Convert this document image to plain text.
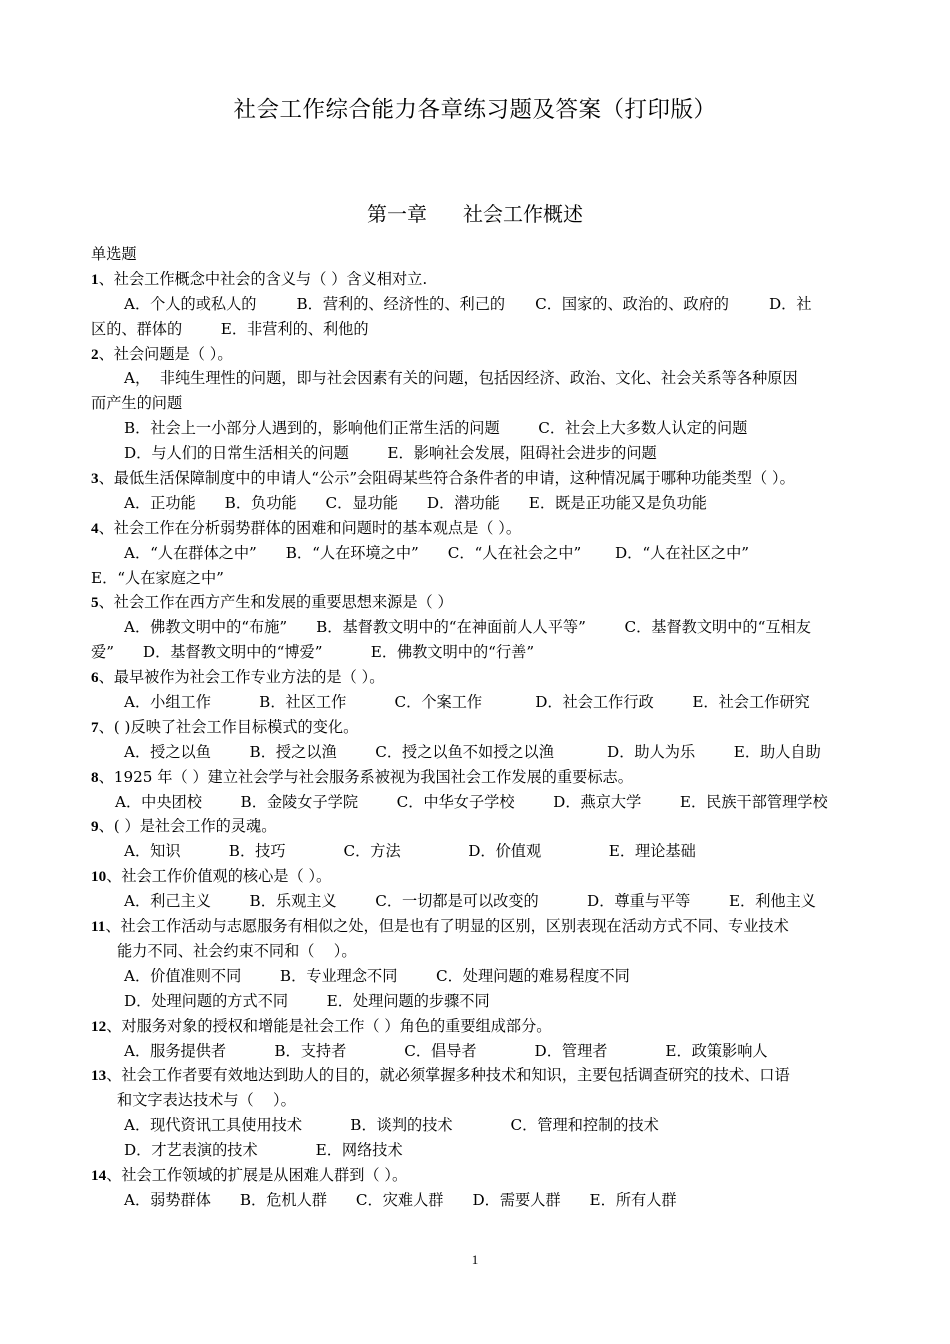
社会工作综合能力各章练习题及答案（打印版）
第一章 社会工作概述
单选题
1、社会工作概念中社会的含义与（ ）含义相对立.
A．个人的或私人的	B．营利的、经济性的、利己的 C．国家的、政治的、政府的	D．社
区的、群体的        E．非营利的、利他的
2、社会问题是（ ）。
A，  非纯生理性的问题，即与社会因素有关的问题，包括因经济、政治、文化、社会关系等各种原因
而产生的问题
B．社会上一小部分人遇到的，影响他们正常生活的问题        C．社会上大多数人认定的问题
D．与人们的日常生活相关的问题        E．影响社会发展，阻碍社会进步的问题
3、最低生活保障制度中的申请人“公示”会阻碍某些符合条件者的申请，这种情况属于哪种功能类型（ ）。
A．正功能      B．负功能      C．显功能      D．潜功能      E．既是正功能又是负功能
4、社会工作在分析弱势群体的困难和问题时的基本观点是（ ）。
A．“人在群体之中”      B．“人在环境之中”      C．“人在社会之中”       D．“人在社区之中”
E．“人在家庭之中”
5、社会工作在西方产生和发展的重要思想来源是（ ）
A．佛教文明中的“布施”      B．基督教文明中的“在神面前人人平等”        C．基督教文明中的“互相友
爱”      D．基督教文明中的“博爱”          E．佛教文明中的“行善”
6、最早被作为社会工作专业方法的是（ ）。
A．小组工作          B．社区工作          C．个案工作           D．社会工作行政        E．社会工作研究
7、( )反映了社会工作目标模式的变化。
A．授之以鱼        B．授之以渔        C．授之以鱼不如授之以渔           D．助人为乐        E．助人自助
8、1925 年（ ）建立社会学与社会服务系被视为我国社会工作发展的重要标志。
A．中央团校        B．金陵女子学院        C．中华女子学校        D．燕京大学        E．民族干部管理学校
9、( ）是社会工作的灵魂。
A．知识          B．技巧            C．方法              D．价值观              E．理论基础
10、社会工作价值观的核心是（ ）。
A．利己主义        B．乐观主义        C．一切都是可以改变的          D．尊重与平等        E．利他主义
11、社会工作活动与志愿服务有相似之处，但是也有了明显的区别，区别表现在活动方式不同、专业技术
能力不同、社会约束不同和（    ）。
A．价值准则不同        B．专业理念不同        C．处理问题的难易程度不同
D．处理问题的方式不同        E．处理问题的步骤不同
12、对服务对象的授权和增能是社会工作（ ）角色的重要组成部分。
A．服务提供者          B．支持者            C．倡导者            D．管理者            E．政策影响人
13、社会工作者要有效地达到助人的目的，就必须掌握多种技术和知识，主要包括调查研究的技术、口语
和文字表达技术与（    ）。
A．现代资讯工具使用技术          B．谈判的技术            C．管理和控制的技术
D．才艺表演的技术            E．网络技术
14、社会工作领域的扩展是从困难人群到（ ）。
A．弱势群体      B．危机人群      C．灾难人群      D．需要人群      E．所有人群
1
